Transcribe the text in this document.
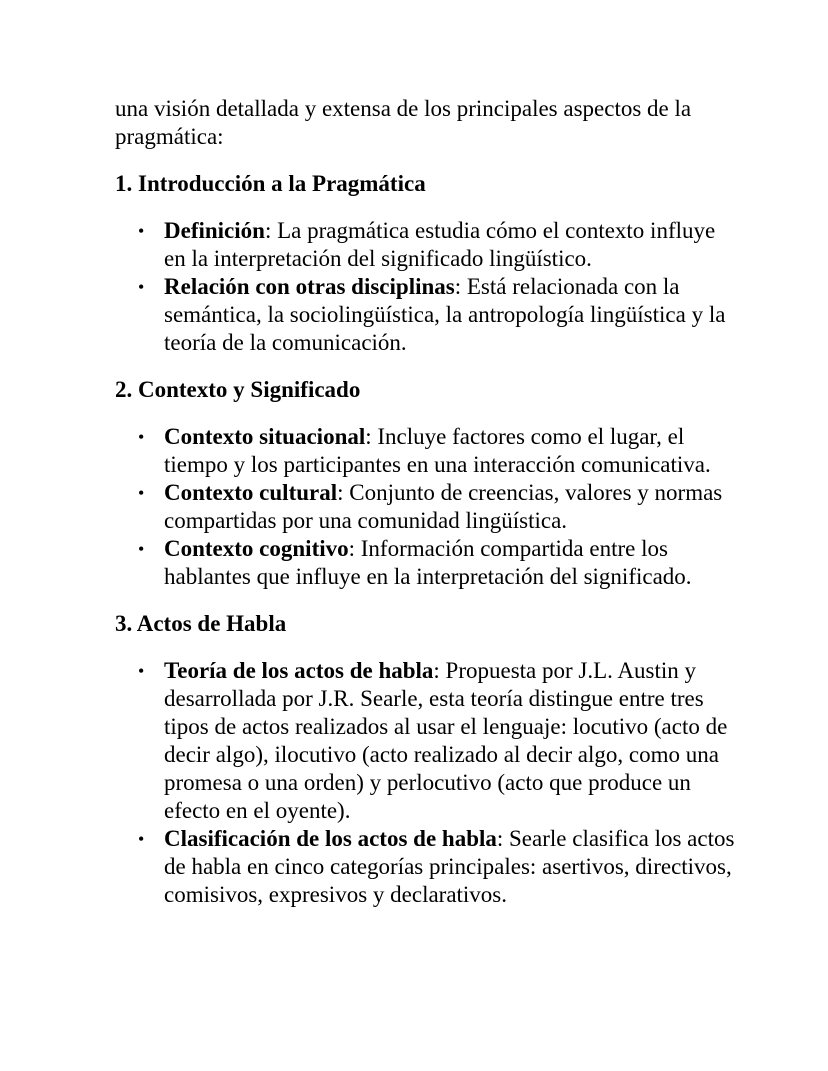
una visión detallada y extensa de los principales aspectos de la pragmática:

1. Introducción a la Pragmática
• Definición: La pragmática estudia cómo el contexto influye en la interpretación del significado lingüístico.
• Relación con otras disciplinas: Está relacionada con la semántica, la sociolingüística, la antropología lingüística y la teoría de la comunicación.
2. Contexto y Significado
• Contexto situacional: Incluye factores como el lugar, el tiempo y los participantes en una interacción comunicativa.
• Contexto cultural: Conjunto de creencias, valores y normas compartidas por una comunidad lingüística.
• Contexto cognitivo: Información compartida entre los hablantes que influye en la interpretación del significado.
3. Actos de Habla
• Teoría de los actos de habla: Propuesta por J.L. Austin y desarrollada por J.R. Searle, esta teoría distingue entre tres tipos de actos realizados al usar el lenguaje: locutivo (acto de decir algo), ilocutivo (acto realizado al decir algo, como una promesa o una orden) y perlocutivo (acto que produce un efecto en el oyente).
• Clasificación de los actos de habla: Searle clasifica los actos de habla en cinco categorías principales: asertivos, directivos, comisivos, expresivos y declarativos.
